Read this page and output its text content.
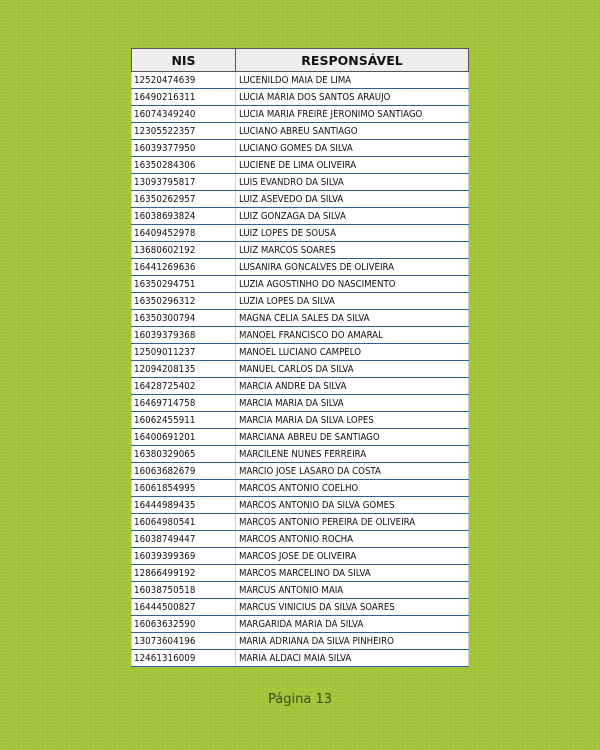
NIS	RESPONSÁVEL
12520474639	LUCENILDO MAIA DE LIMA
16490216311	LUCIA MARIA DOS SANTOS ARAUJO
16074349240	LUCIA MARIA FREIRE JERONIMO SANTIAGO
12305522357	LUCIANO ABREU SANTIAGO
16039377950	LUCIANO GOMES DA SILVA
16350284306	LUCIENE DE LIMA OLIVEIRA
13093795817	LUIS EVANDRO DA SILVA
16350262957	LUIZ ASEVEDO DA SILVA
16038693824	LUIZ GONZAGA DA SILVA
16409452978	LUIZ LOPES DE SOUSA
13680602192	LUIZ MARCOS SOARES
16441269636	LUSANIRA GONCALVES DE OLIVEIRA
16350294751	LUZIA AGOSTINHO DO NASCIMENTO
16350296312	LUZIA LOPES DA SILVA
16350300794	MAGNA CELIA SALES DA SILVA
16039379368	MANOEL FRANCISCO DO AMARAL
12509011237	MANOEL LUCIANO CAMPELO
12094208135	MANUEL CARLOS DA SILVA
16428725402	MARCIA ANDRE DA SILVA
16469714758	MARCIA MARIA DA SILVA
16062455911	MARCIA MARIA DA SILVA LOPES
16400691201	MARCIANA ABREU DE SANTIAGO
16380329065	MARCILENE NUNES FERREIRA
16063682679	MARCIO JOSE LASARO DA COSTA
16061854995	MARCOS ANTONIO COELHO
16444989435	MARCOS ANTONIO DA SILVA GOMES
16064980541	MARCOS ANTONIO PEREIRA DE OLIVEIRA
16038749447	MARCOS ANTONIO ROCHA
16039399369	MARCOS JOSE DE OLIVEIRA
12866499192	MARCOS MARCELINO DA SILVA
16038750518	MARCUS ANTONIO MAIA
16444500827	MARCUS VINICIUS DA SILVA SOARES
16063632590	MARGARIDA MARIA DA SILVA
13073604196	MARIA ADRIANA DA SILVA PINHEIRO
12461316009	MARIA ALDACI MAIA SILVA
Página 13
